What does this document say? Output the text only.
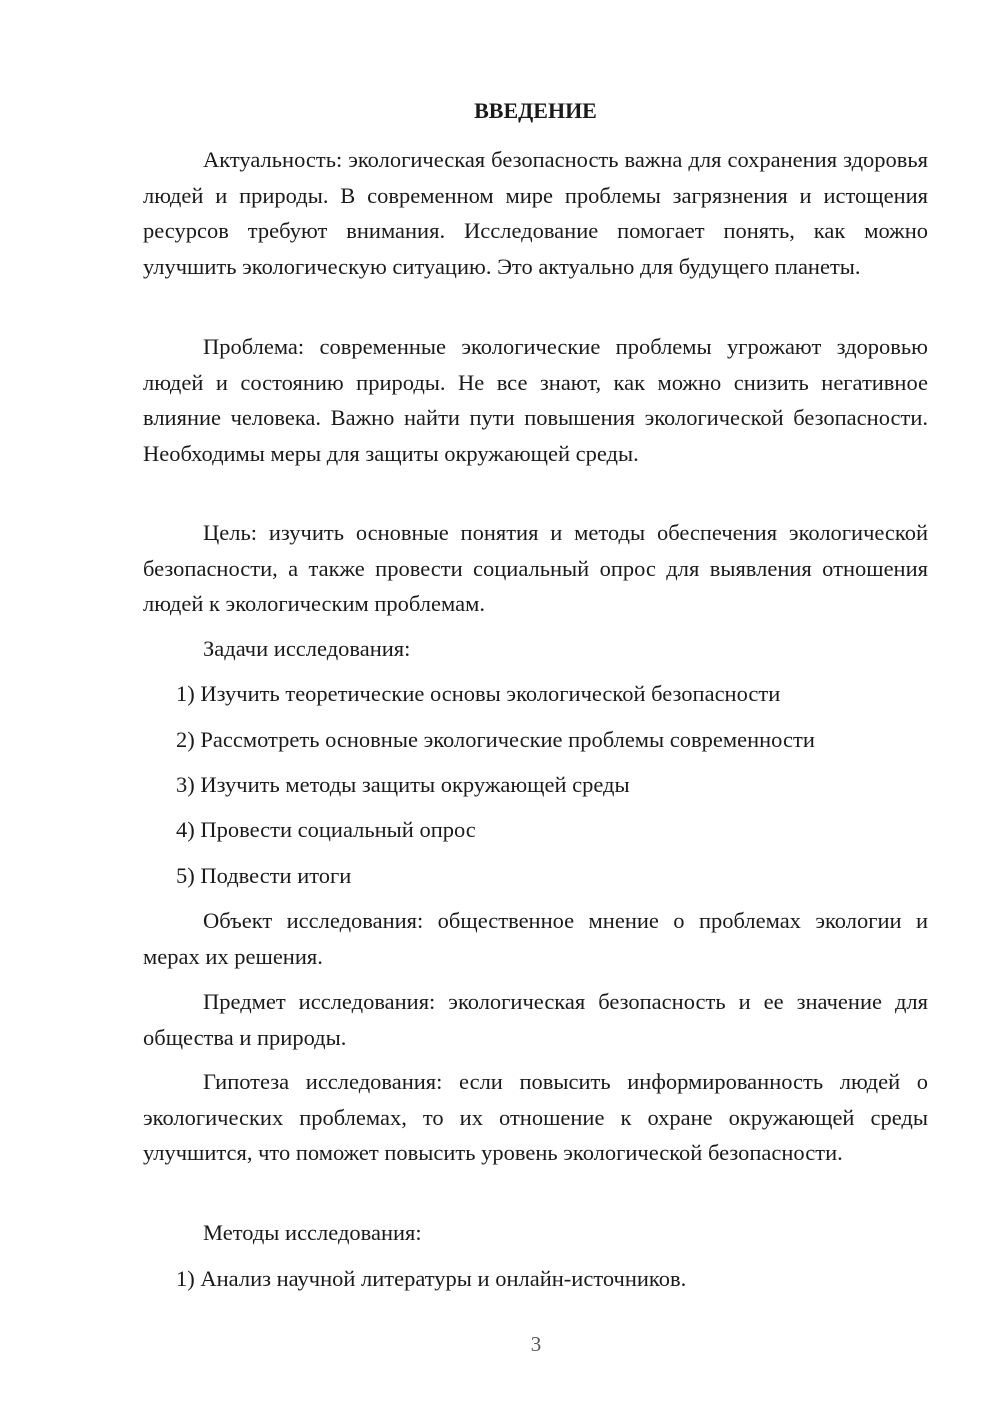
ВВЕДЕНИЕ

Актуальность: экологическая безопасность важна для сохранения здоровья людей и природы. В современном мире проблемы загрязнения и истощения ресурсов требуют внимания. Исследование помогает понять, как можно улучшить экологическую ситуацию. Это актуально для будущего планеты.

Проблема: современные экологические проблемы угрожают здоровью людей и состоянию природы. Не все знают, как можно снизить негативное влияние человека. Важно найти пути повышения экологической безопасности. Необходимы меры для защиты окружающей среды.

Цель: изучить основные понятия и методы обеспечения экологической безопасности, а также провести социальный опрос для выявления отношения людей к экологическим проблемам.

Задачи исследования:

1) Изучить теоретические основы экологической безопасности

2) Рассмотреть основные экологические проблемы современности

3) Изучить методы защиты окружающей среды

4) Провести социальный опрос

5) Подвести итоги

Объект исследования: общественное мнение о проблемах экологии и мерах их решения.

Предмет исследования: экологическая безопасность и ее значение для общества и природы.

Гипотеза исследования: если повысить информированность людей о экологических проблемах, то их отношение к охране окружающей среды улучшится, что поможет повысить уровень экологической безопасности.

Методы исследования:

1) Анализ научной литературы и онлайн-источников.

3
